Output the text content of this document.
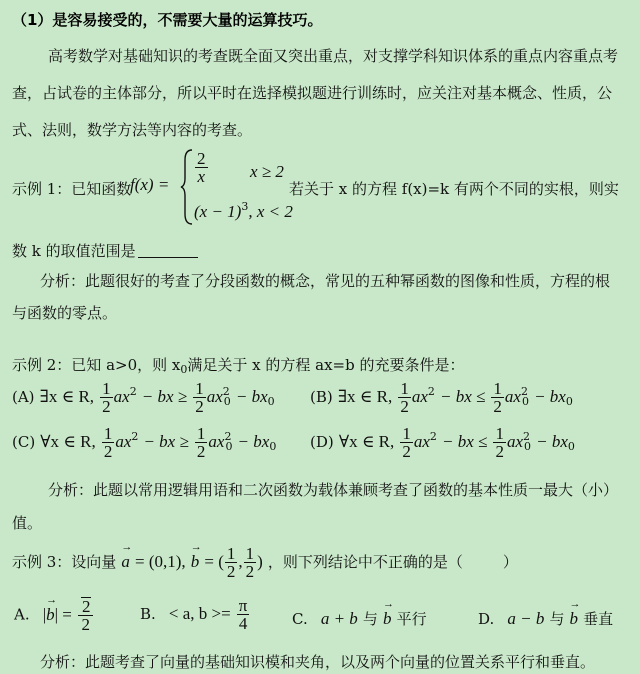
（1）是容易接受的，不需要大量的运算技巧。
高考数学对基础知识的考查既全面又突出重点，对支撑学科知识体系的重点内容重点考
查，占试卷的主体部分，所以平时在选择模拟题进行训练时，应关注对基本概念、性质，公
式、法则，数学方法等内容的考查。
示例 1：已知函数
$f(x) = \frac{2}{x}$	x ≥ 2
$(x - 1)^3$, x < 2
若关于 x 的方程 f(x)=k 有两个不同的实根，则实
数 k 的取值范围是
分析：此题很好的考查了分段函数的概念，常见的五种幂函数的图像和性质，方程的根
与函数的零点。
示例 2：已知 a>0，则 $x_0$满足关于 x 的方程 ax=b 的充要条件是：
(A) ∃x ∈ R, $\frac{1}{2} ax^2$ − bx ≥ $\frac{1}{2} ax^2_0 - bx_0$ (B) ∃x ∈ R, $\frac{1}{2} ax^2$ − bx ≤ $\frac{1}{2} ax^2_0 - bx_0$
(C) ∀x ∈ R, $\frac{1}{2} ax^2$ − bx ≥ $\frac{1}{2} ax^2_0 - bx_0$ (D) ∀x ∈ R, $\frac{1}{2} ax^2$ − bx ≤ $\frac{1}{2} ax^2_0 - bx_0$
分析：此题以常用逻辑用语和二次函数为载体兼顾考查了函数的基本性质一最大（小）
值。
示例 3：设向量 → a = (0,1), → b = ( $\frac{1}{2}$ , $\frac{1}{2}$ ) ，则下列结论中不正确的是（	）
A. |→ $b| = \frac{2}{2}$	B. < a, $b >= \frac{\pi}{4}$	C. a + b 与 → b 平行	D. a − b 与 → b 垂直
分析：此题考查了向量的基础知识模和夹角，以及两个向量的位置关系平行和垂直。
